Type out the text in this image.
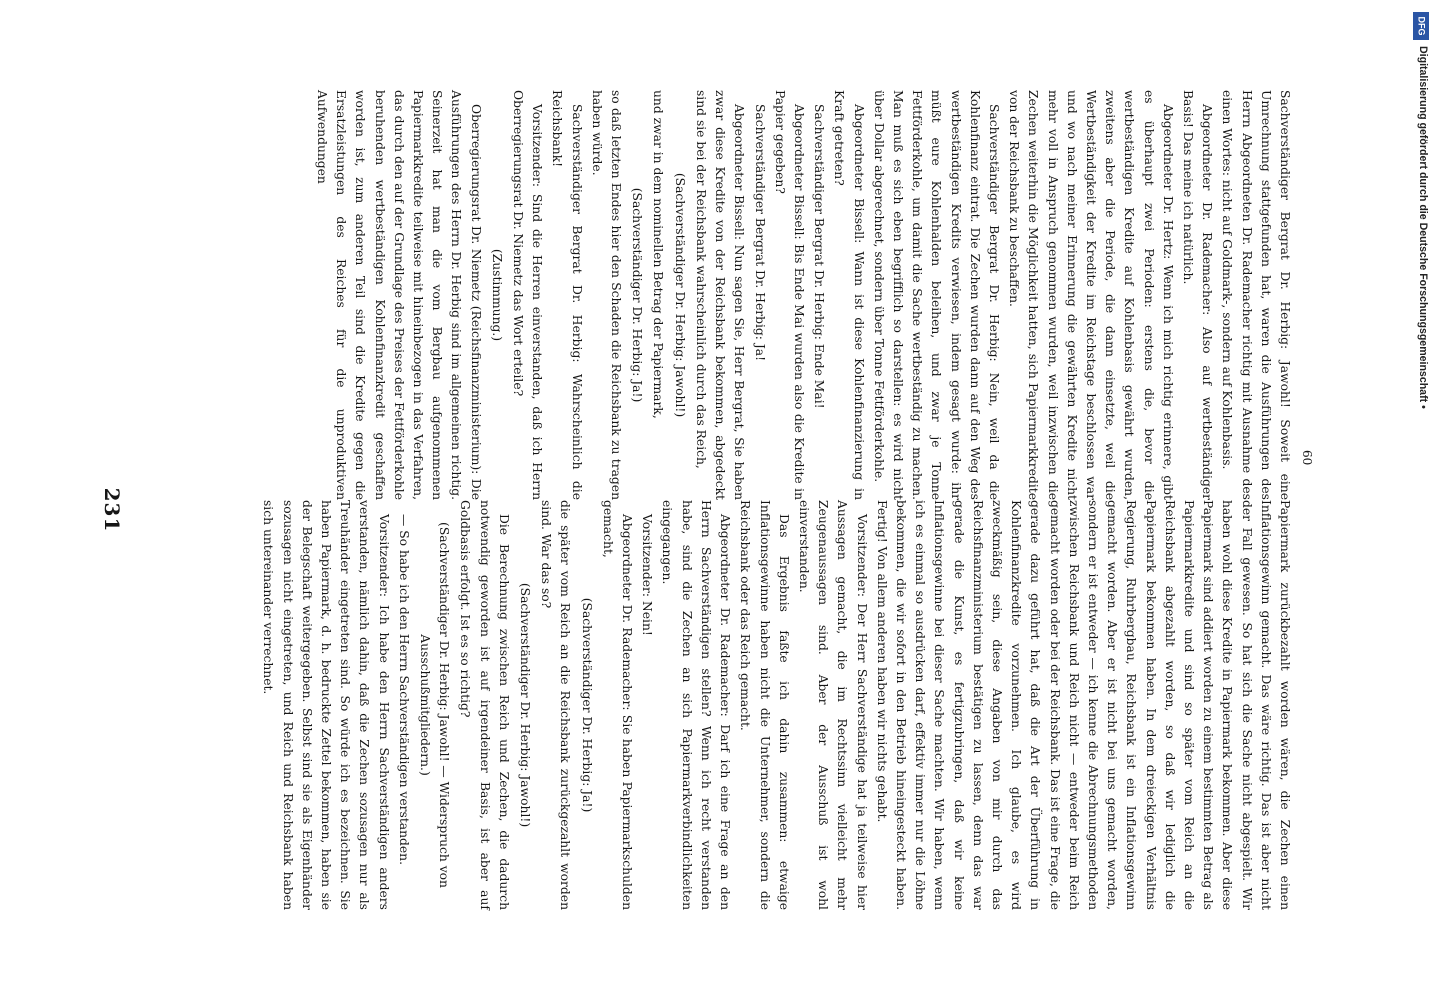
Sachverständiger Bergrat Dr. Herbig: Jawohl! Soweit eine Umrechnung stattgefunden hat, waren die Ausführungen des Herrn Abgeordneten Dr. Rademacher richtig mit Ausnahme des einen Wortes: nicht auf Goldmark-, sondern auf Kohlenbasis.

Abgeordneter Dr. Rademacher: Also auf wertbeständiger Basis! Das meine ich natürlich.

Abgeordneter Dr. Hertz: Wenn ich mich richtig erinnere, gibt es überhaupt zwei Perioden: erstens die, bevor die wertbeständigen Kredite auf Kohlenbasis gewährt wurden, zweitens aber die Periode, die dann einsetzte, weil die Wertbeständigkeit der Kredite im Reichstage beschlossen war und wo nach meiner Erinnerung die gewährten Kredite nicht mehr voll in Anspruch genommen wurden, weil inzwischen die Zechen weiterhin die Möglichkeit hatten, sich Papiermarkkredite von der Reichsbank zu beschaffen.

Sachverständiger Bergrat Dr. Herbig: Nein, weil da die Kohlenfinanz eintrat. Die Zechen wurden dann auf den Weg des wertbeständigen Kredits verwiesen, indem gesagt wurde: ihr müßt eure Kohlenhalden beleihen, und zwar je Tonne Fettförderkohle, um damit die Sache wertbeständig zu machen. Man muß es sich eben begrifflich so darstellen: es wird nicht über Dollar abgerechnet, sondern über Tonne Fettförderkohle.

Abgeordneter Bissell: Wann ist diese Kohlenfinanzierung in Kraft getreten?

Sachverständiger Bergrat Dr. Herbig: Ende Mai!

Abgeordneter Bissell: Bis Ende Mai wurden also die Kredite in Papier gegeben?

Sachverständiger Bergrat Dr. Herbig: Ja!

Abgeordneter Bissell: Nun sagen Sie, Herr Bergrat, Sie haben zwar diese Kredite von der Reichsbank bekommen, abgedeckt sind sie bei der Reichsbank wahrscheinlich durch das Reich,

(Sachverständiger Dr. Herbig: Jawohl!)

und zwar in dem nominellen Betrag der Papiermark,

(Sachverständiger Dr. Herbig: Ja!)

so daß letzten Endes hier den Schaden die Reichsbank zu tragen haben würde.

Sachverständiger Bergrat Dr. Herbig: Wahrscheinlich die Reichsbank!

Vorsitzender: Sind die Herren einverstanden, daß ich Herrn Oberregierungsrat Dr. Niemetz das Wort erteile?

(Zustimmung.)

Oberregierungsrat Dr. Niemetz (Reichsfinanzministerium): Die Ausführungen des Herrn Dr. Herbig sind im allgemeinen richtig. Seinerzeit hat man die vom Bergbau aufgenommenen Papiermarkkredite teilweise mit hineinbezogen in das Verfahren, das durch den auf der Grundlage des Preises der Fettförderkohle beruhenden wertbeständigen Kohlenfinanzkredit geschaffen worden ist, zum anderen Teil sind die Kredite gegen die Ersatzleistungen des Reiches für die unproduktiven Aufwendungen

Papiermark zurückbezahlt worden wären, die Zechen einen Inflationsgewinn gemacht. Das wäre richtig. Das ist aber nicht der Fall gewesen. So hat sich die Sache nicht abgespielt. Wir haben wohl diese Kredite in Papiermark bekommen. Aber diese Papiermark sind addiert worden zu einem bestimmten Betrag als Papiermarkkredite und sind so später vom Reich an die Reichsbank abgezahlt worden, so daß wir lediglich die Papiermark bekommen haben. In dem dreieckigen Verhältnis Regierung, Ruhrbergbau, Reichsbank ist ein Inflationsgewinn gemacht worden. Aber er ist nicht bei uns gemacht worden, sondern er ist entweder — ich kenne die Abrechnungsmethoden zwischen Reichsbank und Reich nicht — entweder beim Reich gemacht worden oder bei der Reichsbank. Das ist eine Frage, die gerade dazu geführt hat, daß die Art der Überführung in Kohlenfinanzkredite vorzunehmen. Ich glaube, es wird zweckmäßig sein, diese Angaben von mir durch das Reichsfinanzministerium bestätigen zu lassen, denn das war gerade die Kunst, es fertigzubringen, daß wir keine Inflationsgewinne bei dieser Sache machten. Wir haben, wenn ich es einmal so ausdrücken darf, effektiv immer nur die Löhne bekommen, die wir sofort in den Betrieb hineingesteckt haben. Fertig! Von allem anderen haben wir nichts gehabt.

Vorsitzender: Der Herr Sachverständige hat ja teilweise hier Aussagen gemacht, die im Rechtssinn vielleicht mehr Zeugenaussagen sind. Aber der Ausschuß ist wohl einverstanden.

Das Ergebnis faßte ich dahin zusammen: etwaige Inflationsgewinne haben nicht die Unternehmer, sondern die Reichsbank oder das Reich gemacht.

Abgeordneter Dr. Rademacher: Darf ich eine Frage an den Herrn Sachverständigen stellen? Wenn ich recht verstanden habe, sind die Zechen an sich Papiermarkverbindlichkeiten eingegangen.

Vorsitzender: Nein!

Abgeordneter Dr. Rademacher: Sie haben Papiermarkschulden gemacht,

(Sachverständiger Dr. Herbig: Ja!)

die später vom Reich an die Reichsbank zurückgezahlt worden sind. War das so?

(Sachverständiger Dr. Herbig: Jawohl!)

Die Berechnung zwischen Reich und Zechen, die dadurch notwendig geworden ist auf irgendeiner Basis, ist aber auf Goldbasis erfolgt. Ist es so richtig?

(Sachverständiger Dr. Herbig: Jawohl! — Widerspruch von Ausschußmitgliedern.)

— So habe ich den Herrn Sachverständigen verstanden.

Vorsitzender: Ich habe den Herrn Sachverständigen anders verstanden, nämlich dahin, daß die Zechen sozusagen nur als Treuhänder eingetreten sind. So würde ich es bezeichnen. Sie haben Papiermark, d. h. bedruckte Zettel bekommen, haben sie der Belegschaft weitergegeben. Selbst sind sie als Eigenhänder sozusagen nicht eingetreten, und Reich und Reichsbank haben sich untereinander verrechnet.

231
60
DFG
Digitalisierung gefördert durch die Deutsche Forschungsgemeinschaft •
